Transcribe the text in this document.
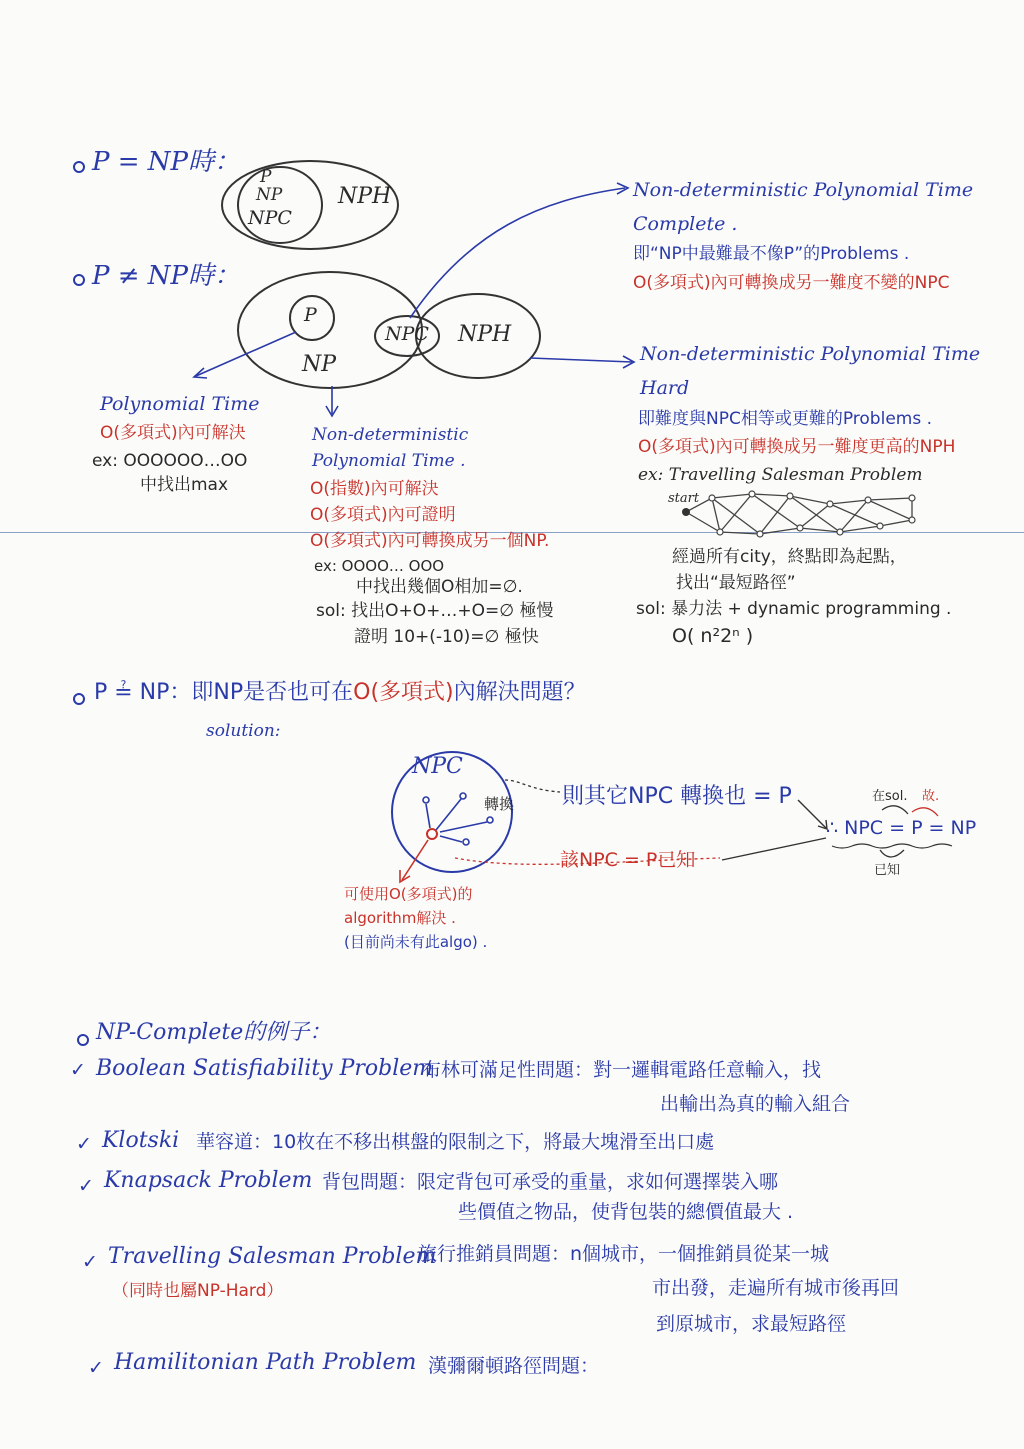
P = NP時： P
NP
NPC
NPH
P ≠ NP時：
P
NP
NPC NPH
Non-deterministic Polynomial Time
Complete .
即“NP中最難最不像P”的Problems .
O(多項式)內可轉換成另一難度不變的NPC
Non-deterministic Polynomial Time
Hard
即難度與NPC相等或更難的Problems .
O(多項式)內可轉換成另一難度更高的NPH
ex: Travelling Salesman Problem
start
經過所有city，終點即為起點，
找出“最短路徑”
sol: 暴力法 + dynamic programming .
O( n²2ⁿ )
Polynomial Time
O(多項式)內可解決
ex: OOOOOO…OO
中找出max
Non-deterministic
Polynomial Time .
O(指數)內可解決
O(多項式)內可證明
O(多項式)內可轉換成另一個NP.
ex: OOOO… OOO
中找出幾個O相加=∅.
sol: 找出O+O+…+O=∅ 極慢
證明 10+(-10)=∅ 極快
P ≟ NP：即NP是否也可在O(多項式)內解決問題？
solution:
NPC
轉換 則其它NPC 轉換也 = P
該NPC = P已知
可使用O(多項式)的
algorithm解決 .
(目前尚未有此algo) .
∴ NPC = P = NP
在sol. 故.
已知
NP-Complete的例子：
✓ Boolean Satisfiability Problem
布林可滿足性問題：對一邏輯電路任意輸入，找
出輸出為真的輸入組合
✓ Klotski 華容道：10枚在不移出棋盤的限制之下，將最大塊滑至出口處
✓ Knapsack Problem 背包問題：限定背包可承受的重量，求如何選擇裝入哪
些價值之物品，使背包裝的總價值最大 .
✓ Travelling Salesman Problem
旅行推銷員問題：n個城市，一個推銷員從某一城
市出發，走遍所有城市後再回
到原城市，求最短路徑
（同時也屬NP-Hard）
✓ Hamilitonian Path Problem 漢彌爾頓路徑問題：
